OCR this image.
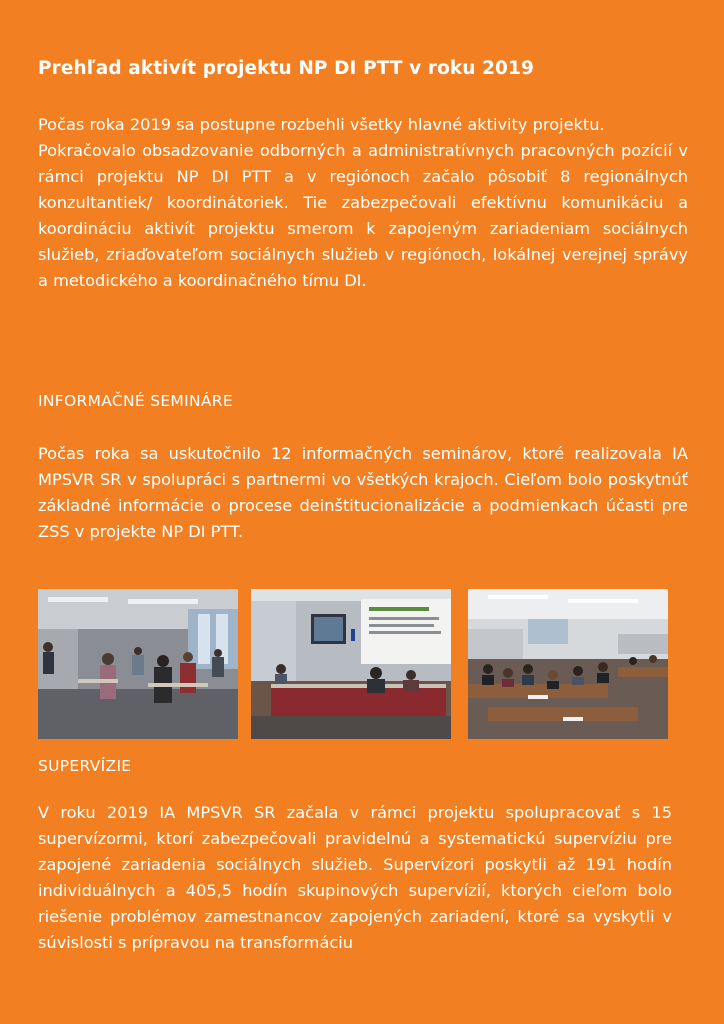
Prehľad aktivít projektu NP DI PTT v roku 2019

Počas roka 2019 sa postupne rozbehli všetky hlavné aktivity projektu.

Pokračovalo obsadzovanie odborných a administratívnych pracovných pozícií v rámci projektu NP DI PTT a v regiónoch začalo pôsobiť 8 regionálnych konzultantiek/ koordinátoriek. Tie zabezpečovali efektívnu komunikáciu a koordináciu aktivít projektu smerom k zapojeným zariadeniam sociálnych služieb, zriaďovateľom sociálnych služieb v regiónoch, lokálnej verejnej správy a metodického a koordinačného tímu DI.

INFORMAČNÉ SEMINÁRE

Počas roka sa uskutočnilo 12 informačných seminárov, ktoré realizovala IA MPSVR SR v spolupráci s partnermi vo všetkých krajoch. Cieľom bolo poskytnúť základné informácie o procese deinštitucionalizácie a podmienkach účasti pre ZSS v projekte NP DI PTT.

SUPERVÍZIE

V roku 2019 IA MPSVR SR začala v rámci projektu spolupracovať s 15 supervízormi, ktorí zabezpečovali pravidelnú a systematickú supervíziu pre zapojené zariadenia sociálnych služieb. Supervízori poskytli až 191 hodín individuálnych a 405,5 hodín skupinových supervízií, ktorých cieľom bolo riešenie problémov zamestnancov zapojených zariadení, ktoré sa vyskytli v súvislosti s prípravou na transformáciu
